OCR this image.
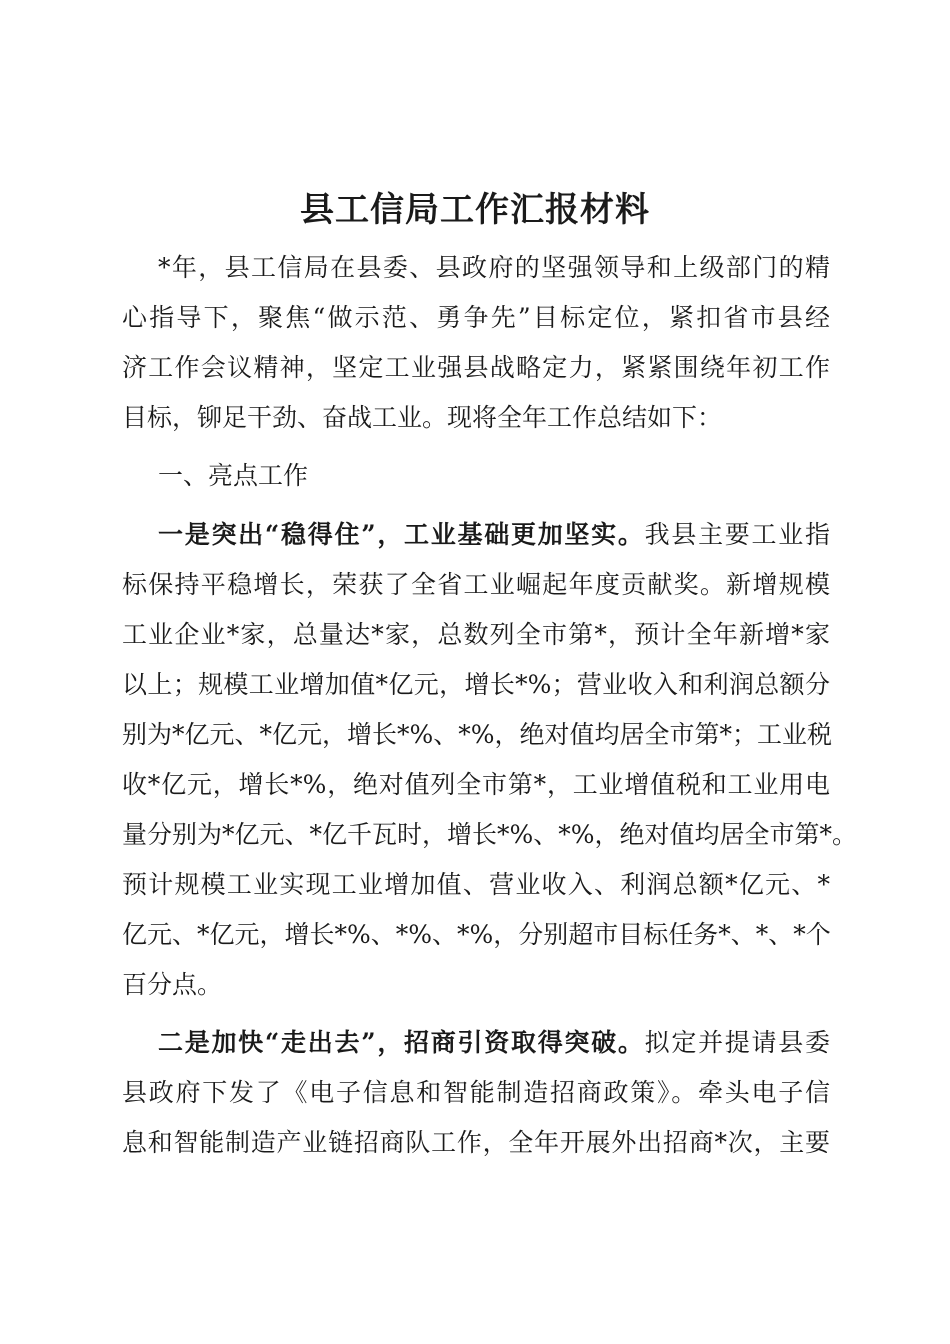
县工信局工作汇报材料
*年，县工信局在县委、县政府的坚强领导和上级部门的精
心指导下，聚焦“做示范、勇争先”目标定位，紧扣省市县经
济工作会议精神，坚定工业强县战略定力，紧紧围绕年初工作
目标，铆足干劲、奋战工业。现将全年工作总结如下：
一、亮点工作
一是突出“稳得住”，工业基础更加坚实。我县主要工业指
标保持平稳增长，荣获了全省工业崛起年度贡献奖。新增规模
工业企业*家，总量达*家，总数列全市第*，预计全年新增*家
以上；规模工业增加值*亿元，增长*%；营业收入和利润总额分
别为*亿元、*亿元，增长*%、*%，绝对值均居全市第*；工业税
收*亿元，增长*%，绝对值列全市第*，工业增值税和工业用电
量分别为*亿元、*亿千瓦时，增长*%、*%，绝对值均居全市第*。
预计规模工业实现工业增加值、营业收入、利润总额*亿元、*
亿元、*亿元，增长*%、*%、*%，分别超市目标任务*、*、*个
百分点。
二是加快“走出去”，招商引资取得突破。拟定并提请县委
县政府下发了《电子信息和智能制造招商政策》。牵头电子信
息和智能制造产业链招商队工作，全年开展外出招商*次，主要
